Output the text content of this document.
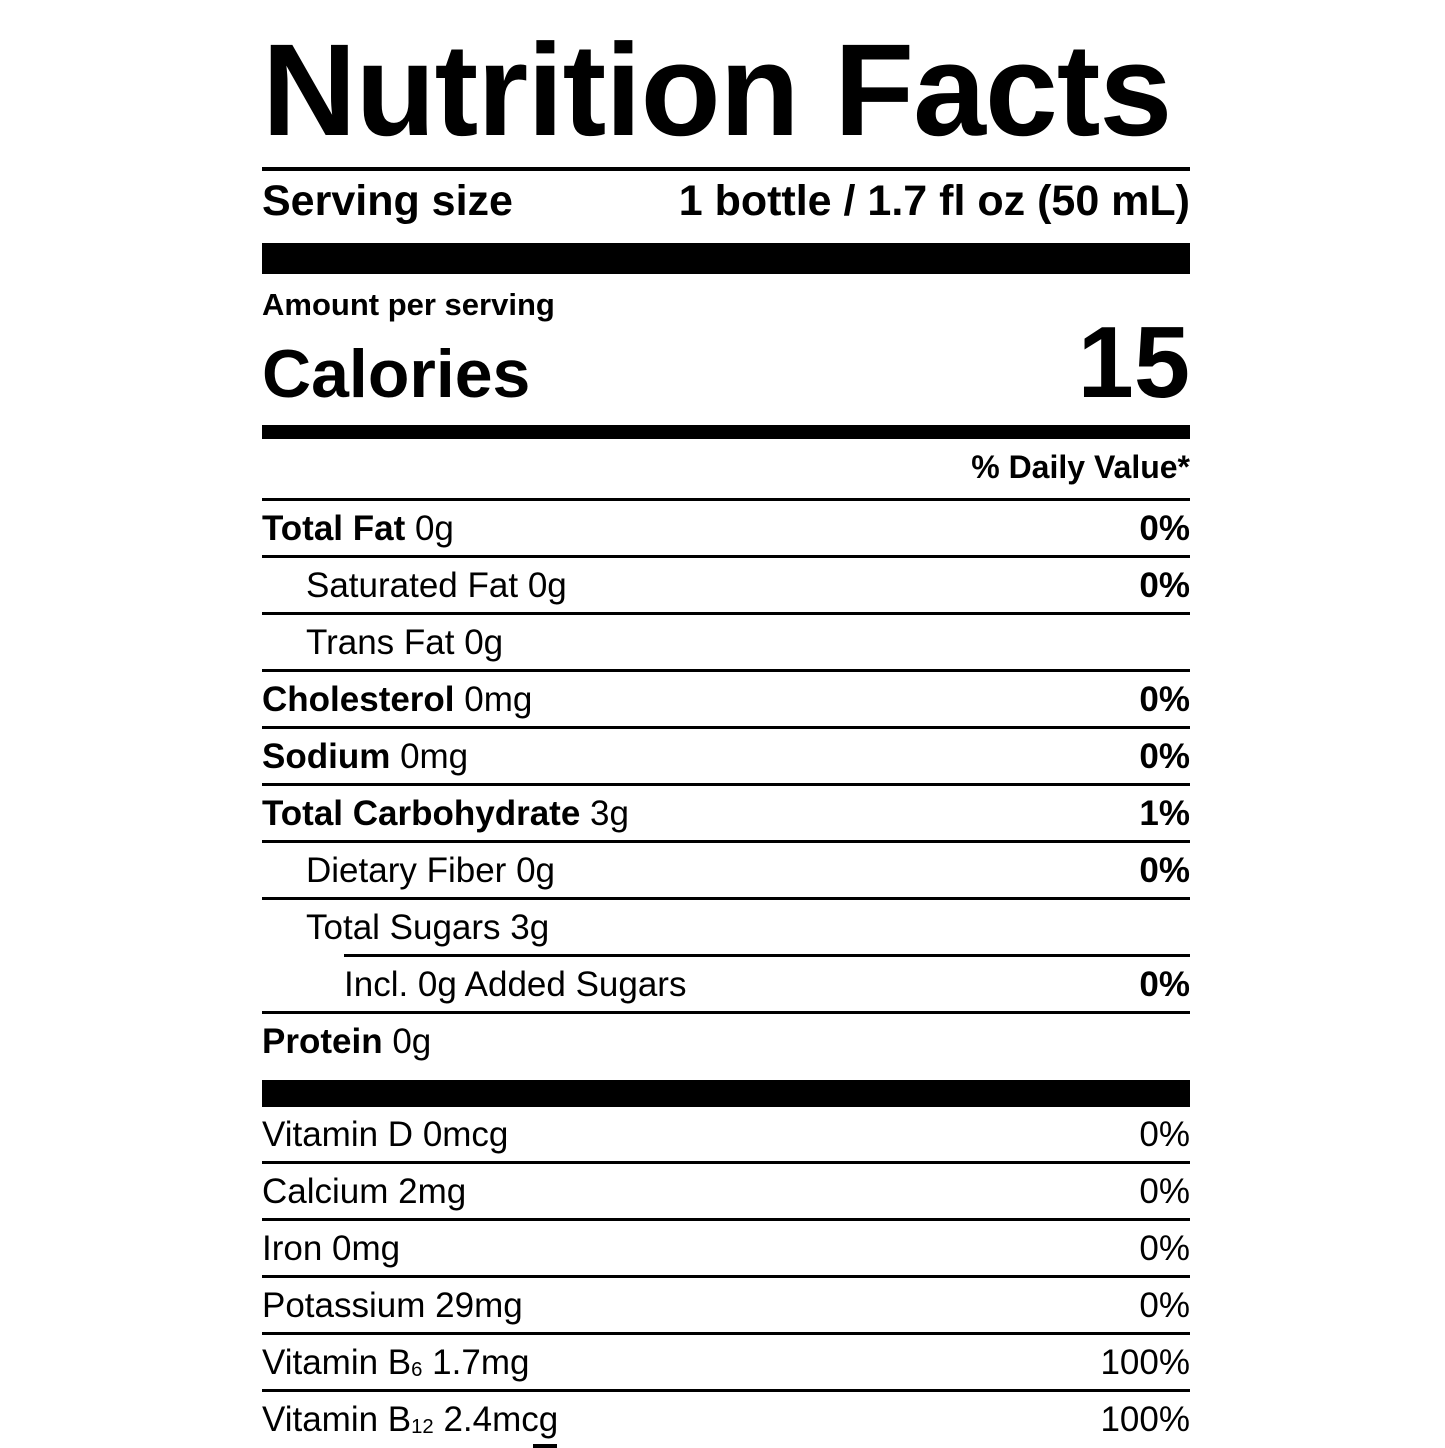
Nutrition Facts
Serving size	1 bottle / 1.7 fl oz (50 mL)
Amount per serving
Calories	15
% Daily Value*
Total Fat 0g	0%
Saturated Fat 0g	0%
Trans Fat 0g
Cholesterol 0mg	0%
Sodium 0mg	0%
Total Carbohydrate 3g	1%
Dietary Fiber 0g	0%
Total Sugars 3g
Incl. 0g Added Sugars	0%
Protein 0g
Vitamin D 0mcg	0%
Calcium 2mg	0%
Iron 0mg	0%
Potassium 29mg	0%
Vitamin $B_6$ 1.7mg	100%
Vitamin $B_{12}$ 2.4mcg	100%
